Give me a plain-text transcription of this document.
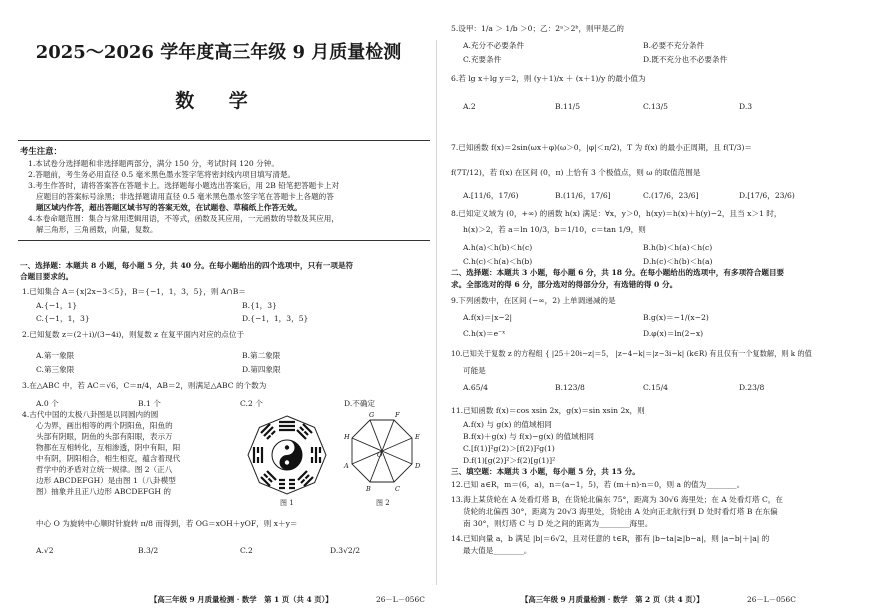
2025～2026 学年度高三年级 9 月质量检测
数 学
考生注意：
1.本试卷分选择题和非选择题两部分，满分 150 分，考试时间 120 分钟。
2.答题前，考生务必用直径 0.5 毫米黑色墨水签字笔将密封线内项目填写清楚。
3.考生作答时，请将答案答在答题卡上。选择题每小题选出答案后，用 2B 铅笔把答题卡上对
应题目的答案标号涂黑；非选择题请用直径 0.5 毫米黑色墨水签字笔在答题卡上各题的答
题区域内作答，超出答题区域书写的答案无效，在试题卷、草稿纸上作答无效。
4.本卷命题范围：集合与常用逻辑用语，不等式，函数及其应用，一元函数的导数及其应用，
解三角形，三角函数，向量，复数。
一、选择题：本题共 8 小题，每小题 5 分，共 40 分。在每小题给出的四个选项中，只有一项是符
合题目要求的。
1.已知集合 A＝{x|2x−3＜5}，B＝{−1，1，3，5}，则 A∩B＝
A.{−1，1}	B.{1，3}
C.{−1，1，3}	D.{−1，1，3，5}
2.已知复数 z＝(2＋i)/(3−4i)，则复数 z 在复平面内对应的点位于
A.第一象限	B.第二象限
C.第三象限	D.第四象限
3.在△ABC 中，若 AC＝√6，C＝π/4，AB＝2，则满足△ABC 的个数为
A.0 个	B.1 个	C.2 个	D.不确定
4.古代中国的太极八卦图是以同圆内的圆
心为界，画出相等的两个阴阳鱼，阳鱼的
头部有阴眼，阴鱼的头部有阳眼，表示万
物都在互相转化，互相渗透，阴中有阳，阳
中有阴，阴阳相合，相生相克，蕴含着现代
哲学中的矛盾对立统一规律。图 2（正八
边形 ABCDEFGH）是由图 1（八卦模型
图）抽象并且正八边形 ABCDEFGH 的
中心 O 为旋转中心顺时针旋转 π/8 而得到，若 OG＝xOH＋yOF，则 x＋y＝
A.√2	B.3/2	C.2	D.3√2/2
图 1
G	F
E
D
C
B
A
H
O
图 2
【高三年级 9 月质量检测 · 数学　第 1 页（共 4 页）】	26－L－056C
5.设甲：1/a ＞ 1/b ＞0；乙：2ᵃ＞2ᵇ，则甲是乙的
A.充分不必要条件	B.必要不充分条件
C.充要条件	D.既不充分也不必要条件
6.若 lg x＋lg y＝2，则 (y＋1)/x ＋ (x＋1)/y 的最小值为
A.2	B.11/5	C.13/5	D.3
7.已知函数 f(x)＝2sin(ωx＋φ)(ω＞0，|φ|＜π/2)，T 为 f(x) 的最小正周期，且 f(T/3)＝
f(7T/12)，若 f(x) 在区间 (0，π) 上恰有 3 个极值点，则 ω 的取值范围是
A.[11/6，17/6)	B.(11/6，17/6]	C.(17/6，23/6]	D.[17/6，23/6)
8.已知定义域为 (0，+∞) 的函数 h(x) 满足：∀x，y＞0，h(xy)＝h(x)＋h(y)−2，且当 x＞1 时，
h(x)＞2，若 a＝ln 10/3，b＝1/10，c＝tan 1/9，则
A.h(a)＜h(b)＜h(c)	B.h(b)＜h(a)＜h(c)
C.h(c)＜h(a)＜h(b)	D.h(c)＜h(b)＜h(a)
二、选择题：本题共 3 小题，每小题 6 分，共 18 分。在每小题给出的选项中，有多项符合题目要
求。全部选对的得 6 分，部分选对的得部分分，有选错的得 0 分。
9.下列函数中，在区间 (−∞，2) 上单调递减的是
A.f(x)＝|x−2|	B.g(x)＝−1/(x−2)
C.h(x)＝e⁻ˣ	D.φ(x)＝ln(2−x)
10.已知关于复数 z 的方程组 { |25＋20i−z|＝5， |z−4−k|＝|z−3i−k| (k∈R) 有且仅有一个复数解，则 k 的值
可能是
A.65/4	B.123/8	C.15/4	D.23/8
11.已知函数 f(x)＝cos xsin 2x，g(x)＝sin xsin 2x，则
A.f(x) 与 g(x) 的值域相同
B.f(x)＋g(x) 与 f(x)−g(x) 的值域相同
C.[f(1)]²g(2)＞[f(2)]²g(1)
D.f(1)[g(2)]²＞f(2)[g(1)]²
三、填空题：本题共 3 小题，每小题 5 分，共 15 分。
12.已知 a∈R，m＝(6，a)，n＝(a−1，5)，若 (m＋n)·n＝0，则 a 的值为________。
13.海上某货轮在 A 处看灯塔 B，在货轮北偏东 75°，距离为 30√6 海里处；在 A 处看灯塔 C，在
货轮的北偏西 30°，距离为 20√3 海里处，货轮由 A 处向正北航行到 D 处时看灯塔 B 在东偏
南 30°，则灯塔 C 与 D 处之间的距离为________海里。
14.已知向量 a，b 满足 |b|＝6√2，且对任意的 t∈R，都有 |b−ta|≥|b−a|，则 |a−b|＋|a| 的
最大值是________。
【高三年级 9 月质量检测 · 数学　第 2 页（共 4 页）】	26－L－056C
